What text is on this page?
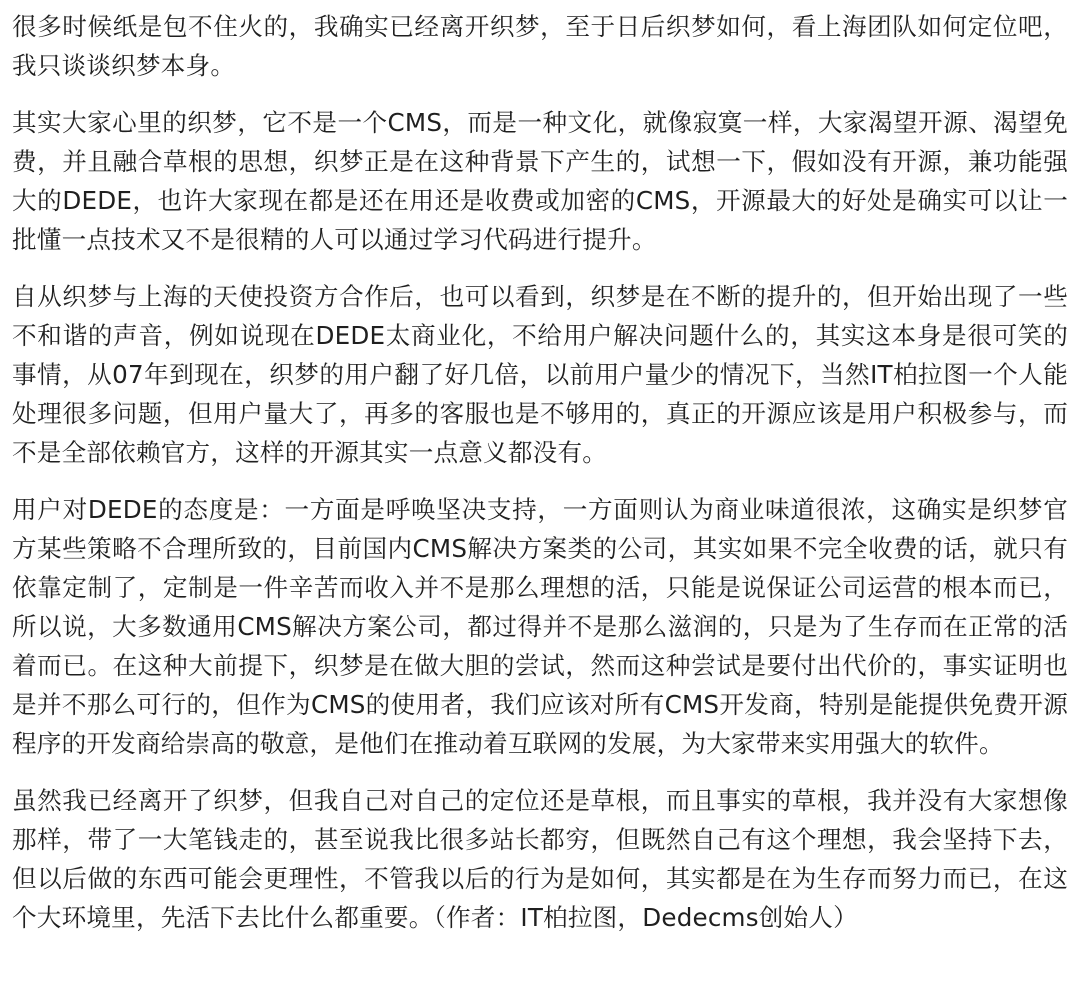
很多时候纸是包不住火的，我确实已经离开织梦，至于日后织梦如何，看上海团队如何定位吧，我只谈谈织梦本身。

其实大家心里的织梦，它不是一个CMS，而是一种文化，就像寂寞一样，大家渴望开源、渴望免费，并且融合草根的思想，织梦正是在这种背景下产生的，试想一下，假如没有开源，兼功能强大的DEDE，也许大家现在都是还在用还是收费或加密的CMS，开源最大的好处是确实可以让一批懂一点技术又不是很精的人可以通过学习代码进行提升。

自从织梦与上海的天使投资方合作后，也可以看到，织梦是在不断的提升的，但开始出现了一些不和谐的声音，例如说现在DEDE太商业化，不给用户解决问题什么的，其实这本身是很可笑的事情，从07年到现在，织梦的用户翻了好几倍，以前用户量少的情况下，当然IT柏拉图一个人能处理很多问题，但用户量大了，再多的客服也是不够用的，真正的开源应该是用户积极参与，而不是全部依赖官方，这样的开源其实一点意义都没有。

用户对DEDE的态度是：一方面是呼唤坚决支持，一方面则认为商业味道很浓，这确实是织梦官方某些策略不合理所致的，目前国内CMS解决方案类的公司，其实如果不完全收费的话，就只有依靠定制了，定制是一件辛苦而收入并不是那么理想的活，只能是说保证公司运营的根本而已，所以说，大多数通用CMS解决方案公司，都过得并不是那么滋润的，只是为了生存而在正常的活着而已。在这种大前提下，织梦是在做大胆的尝试，然而这种尝试是要付出代价的，事实证明也是并不那么可行的，但作为CMS的使用者，我们应该对所有CMS开发商，特别是能提供免费开源程序的开发商给崇高的敬意，是他们在推动着互联网的发展，为大家带来实用强大的软件。

虽然我已经离开了织梦，但我自己对自己的定位还是草根，而且事实的草根，我并没有大家想像那样，带了一大笔钱走的，甚至说我比很多站长都穷，但既然自己有这个理想，我会坚持下去，但以后做的东西可能会更理性，不管我以后的行为是如何，其实都是在为生存而努力而已，在这个大环境里，先活下去比什么都重要。（作者：IT柏拉图，Dedecms创始人）
